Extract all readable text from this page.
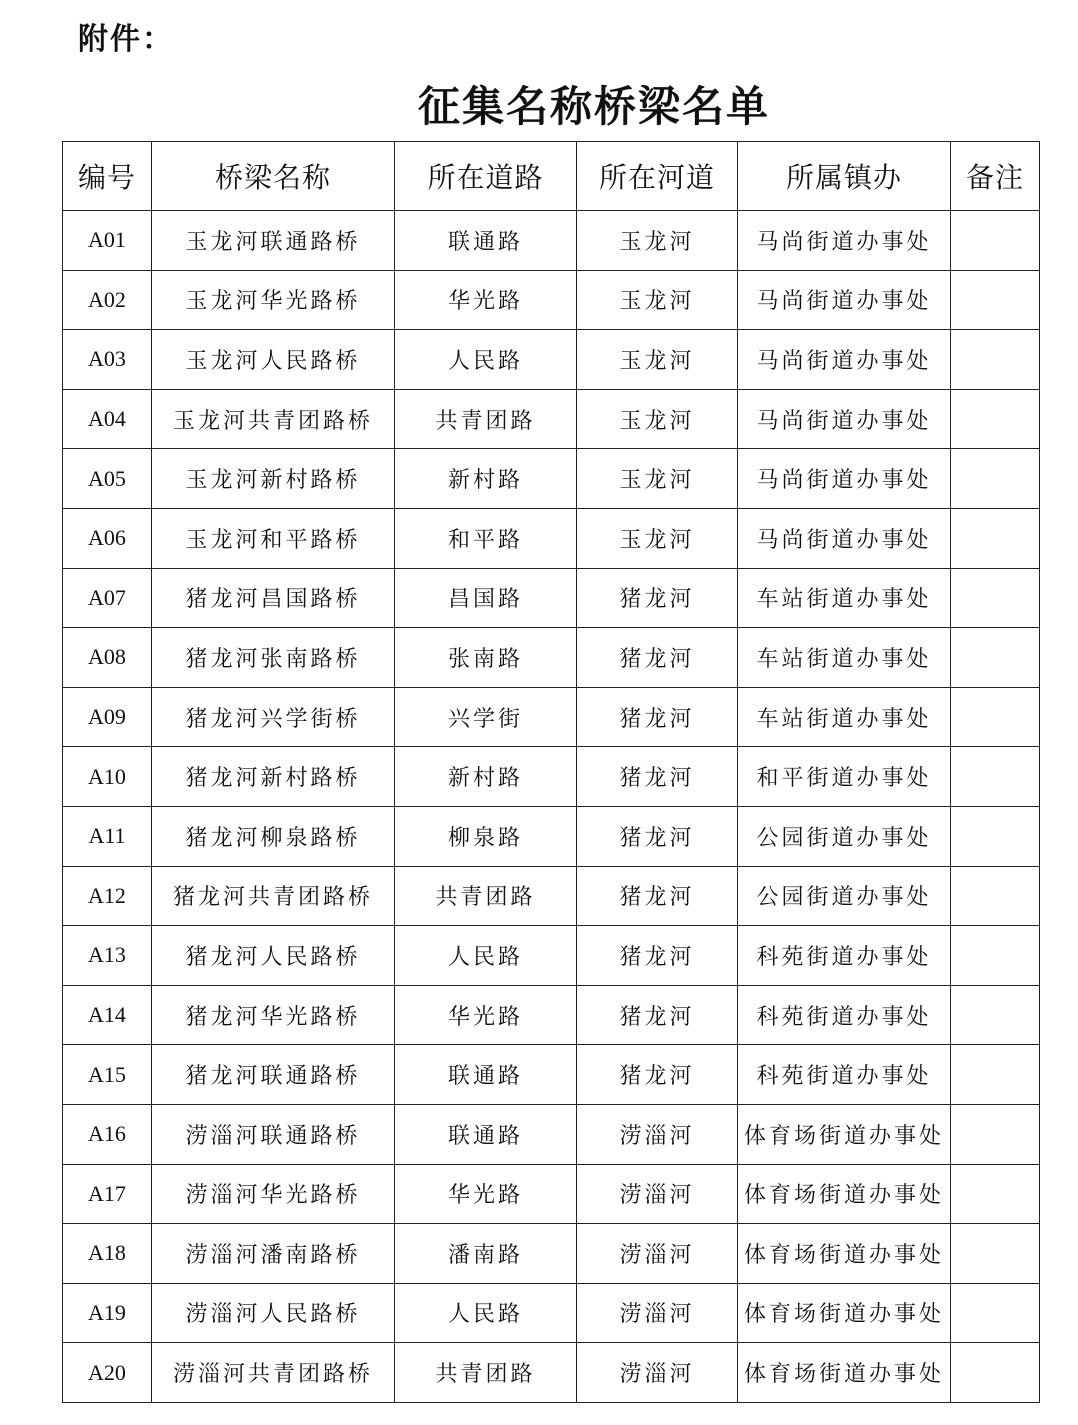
附件：
征集名称桥梁名单
编号	桥梁名称	所在道路	所在河道	所属镇办	备注
A01	玉龙河联通路桥	联通路	玉龙河	马尚街道办事处	
A02	玉龙河华光路桥	华光路	玉龙河	马尚街道办事处	
A03	玉龙河人民路桥	人民路	玉龙河	马尚街道办事处	
A04	玉龙河共青团路桥	共青团路	玉龙河	马尚街道办事处	
A05	玉龙河新村路桥	新村路	玉龙河	马尚街道办事处	
A06	玉龙河和平路桥	和平路	玉龙河	马尚街道办事处	
A07	猪龙河昌国路桥	昌国路	猪龙河	车站街道办事处	
A08	猪龙河张南路桥	张南路	猪龙河	车站街道办事处	
A09	猪龙河兴学街桥	兴学街	猪龙河	车站街道办事处	
A10	猪龙河新村路桥	新村路	猪龙河	和平街道办事处	
A11	猪龙河柳泉路桥	柳泉路	猪龙河	公园街道办事处	
A12	猪龙河共青团路桥	共青团路	猪龙河	公园街道办事处	
A13	猪龙河人民路桥	人民路	猪龙河	科苑街道办事处	
A14	猪龙河华光路桥	华光路	猪龙河	科苑街道办事处	
A15	猪龙河联通路桥	联通路	猪龙河	科苑街道办事处	
A16	涝淄河联通路桥	联通路	涝淄河	体育场街道办事处	
A17	涝淄河华光路桥	华光路	涝淄河	体育场街道办事处	
A18	涝淄河潘南路桥	潘南路	涝淄河	体育场街道办事处	
A19	涝淄河人民路桥	人民路	涝淄河	体育场街道办事处	
A20	涝淄河共青团路桥	共青团路	涝淄河	体育场街道办事处	
